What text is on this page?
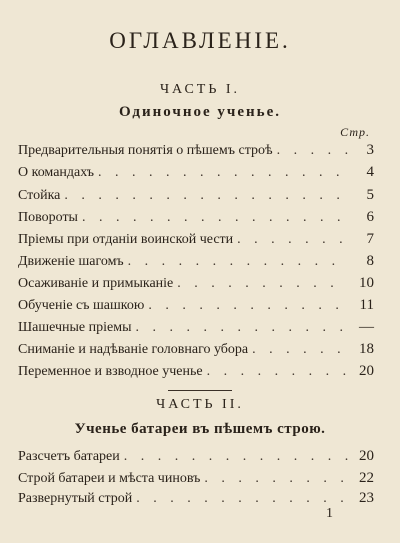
ОГЛАВЛЕНІЕ.
ЧАСТЬ I.
Одиночное ученье.
Стр.
Предварительныя понятія о пѣшемъ строѣ . . .	3
О командахъ . . .	4
Стойка . . .	5
Повороты . . .	6
Пріемы при отданіи воинской чести . . .	7
Движеніе шагомъ . . .	8
Осаживаніе и примыканіе . . .	10
Обученіе съ шашкою . . .	11
Шашечные пріемы . . .	—
Сниманіе и надѣваніе головнаго убора . . .	18
Переменное и взводное ученье . . .	20
ЧАСТЬ II.
Ученье батареи въ пѣшемъ строю.
Разсчетъ батареи . . .	20
Строй батареи и мѣста чиновъ . . .	22
Развернутый строй . . .	23
1
